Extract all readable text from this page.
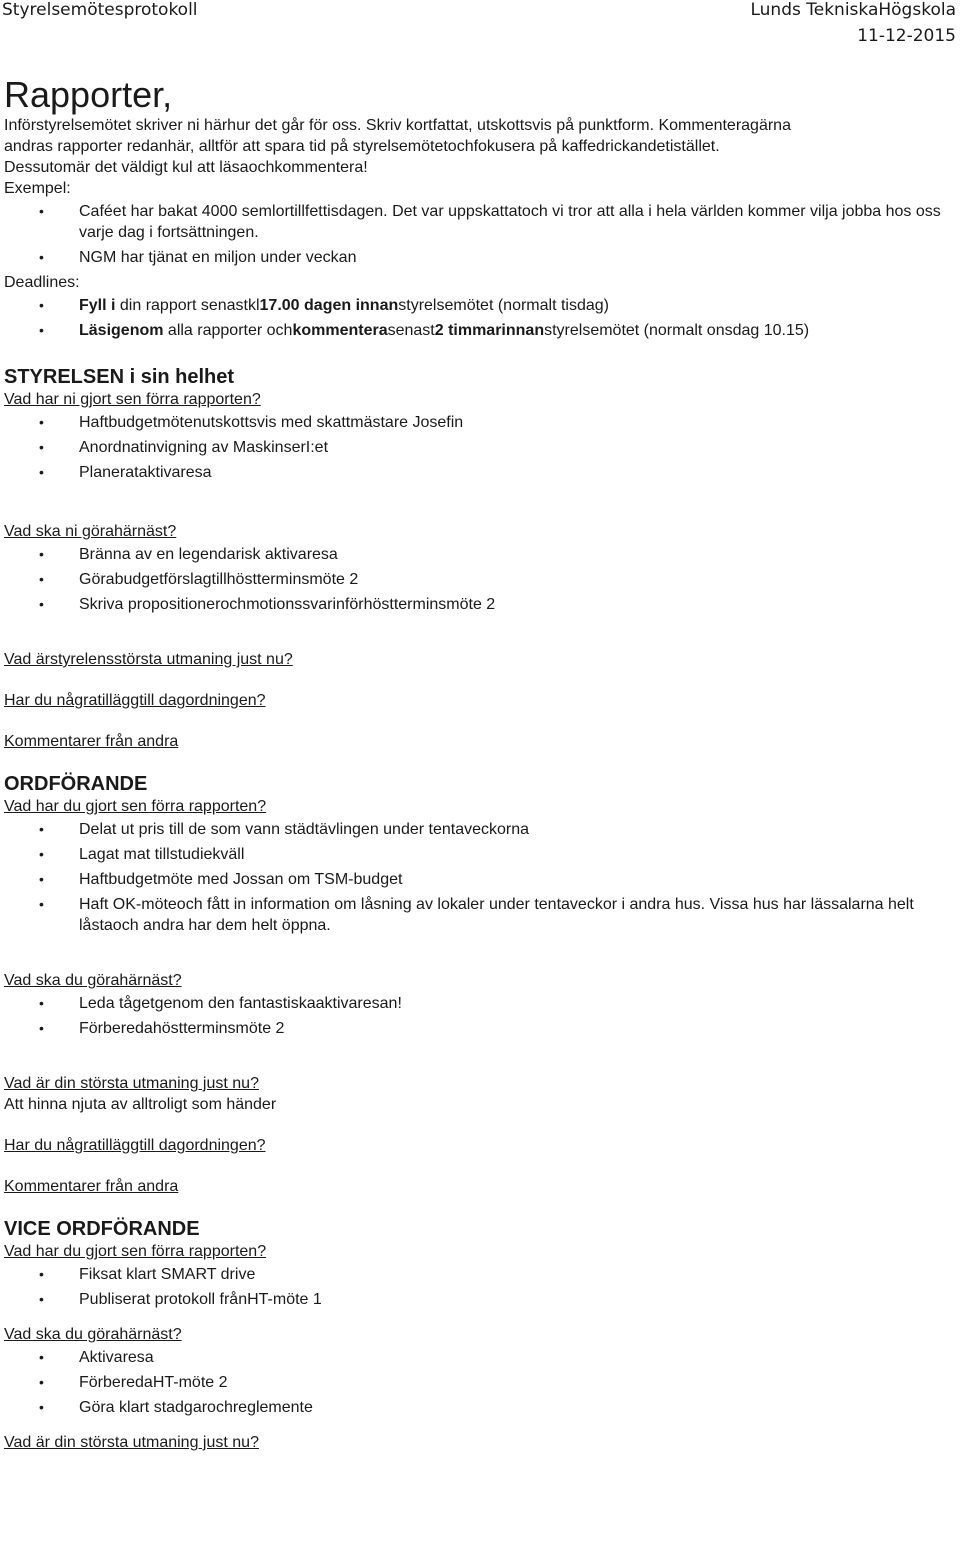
Styrelsemötesprotokoll	Lunds TekniskaHögskola
11-12-2015
Rapporter,

Införstyrelsemötet skriver ni härhur det går för oss. Skriv kortfattat, utskottsvis på punktform. Kommenteragärna

andras rapporter redanhär, alltför att spara tid på styrelsemötetochfokusera på kaffedrickandetistället.

Dessutomär det väldigt kul att läsaochkommentera!

Exempel:

• Caféet har bakat 4000 semlortillfettisdagen. Det var uppskattatoch vi tror att alla i hela världen kommer vilja jobba hos oss varje dag i fortsättningen.
• NGM har tjänat en miljon under veckan

Deadlines:

• Fyll i din rapport senastkl17.00 dagen innanstyrelsemötet (normalt tisdag)
• Läsigenom alla rapporter ochkommenterasenast2 timmarinnanstyrelsemötet (normalt onsdag 10.15)
STYRELSEN i sin helhet

Vad har ni gjort sen förra rapporten?

• Haftbudgetmötenutskottsvis med skattmästare Josefin
• Anordnatinvigning av MaskinserI:et
• Planerataktivaresa

Vad ska ni görahärnäst?

• Bränna av en legendarisk aktivaresa
• Görabudgetförslagtillhöstterminsmöte 2
• Skriva propositionerochmotionssvarinförhöstterminsmöte 2

Vad ärstyrelensstörsta utmaning just nu?

Har du någratilläggtill dagordningen?

Kommentarer från andra

ORDFÖRANDE

Vad har du gjort sen förra rapporten?

• Delat ut pris till de som vann städtävlingen under tentaveckorna
• Lagat mat tillstudiekväll
• Haftbudgetmöte med Jossan om TSM-budget
• Haft OK-möteoch fått in information om låsning av lokaler under tentaveckor i andra hus. Vissa hus har lässalarna helt låstaoch andra har dem helt öppna.

Vad ska du görahärnäst?

• Leda tågetgenom den fantastiskaaktivaresan!
• Förberedahöstterminsmöte 2

Vad är din största utmaning just nu?

Att hinna njuta av alltroligt som händer

Har du någratilläggtill dagordningen?

Kommentarer från andra

VICE ORDFÖRANDE

Vad har du gjort sen förra rapporten?

• Fiksat klart SMART drive
• Publiserat protokoll frånHT-möte 1

Vad ska du görahärnäst?

• Aktivaresa
• FörberedaHT-möte 2
• Göra klart stadgarochreglemente

Vad är din största utmaning just nu?
